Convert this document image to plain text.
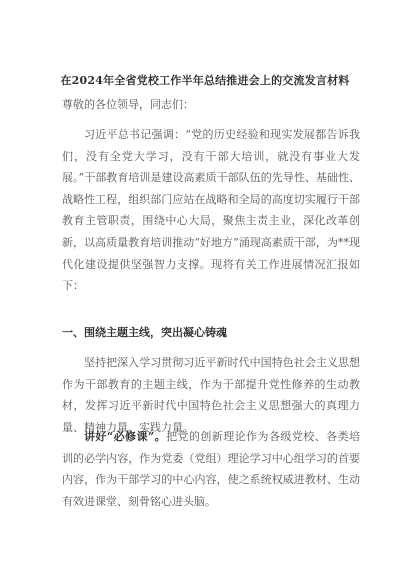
在2024年全省党校工作半年总结推进会上的交流发言材料
尊敬的各位领导，同志们：
习近平总书记强调：“党的历史经验和现实发展都告诉我们，没有全党大学习，没有干部大培训，就没有事业大发展。”干部教育培训是建设高素质干部队伍的先导性、基础性、战略性工程，组织部门应站在战略和全局的高度切实履行干部教育主管职责，围绕中心大局，聚焦主责主业，深化改革创新，以高质量教育培训推动“好地方”涌现高素质干部，为**现代化建设提供坚强智力支撑。现将有关工作进展情况汇报如下：
一、围绕主题主线，突出凝心铸魂
坚持把深入学习贯彻习近平新时代中国特色社会主义思想作为干部教育的主题主线，作为干部提升党性修养的生动教材，发挥习近平新时代中国特色社会主义思想强大的真理力量、精神力量、实践力量。
讲好“必修课”。把党的创新理论作为各级党校、各类培训的必学内容，作为党委（党组）理论学习中心组学习的首要内容，作为干部学习的中心内容，使之系统权威进教材、生动有效进课堂、刻骨铭心进头脑。
